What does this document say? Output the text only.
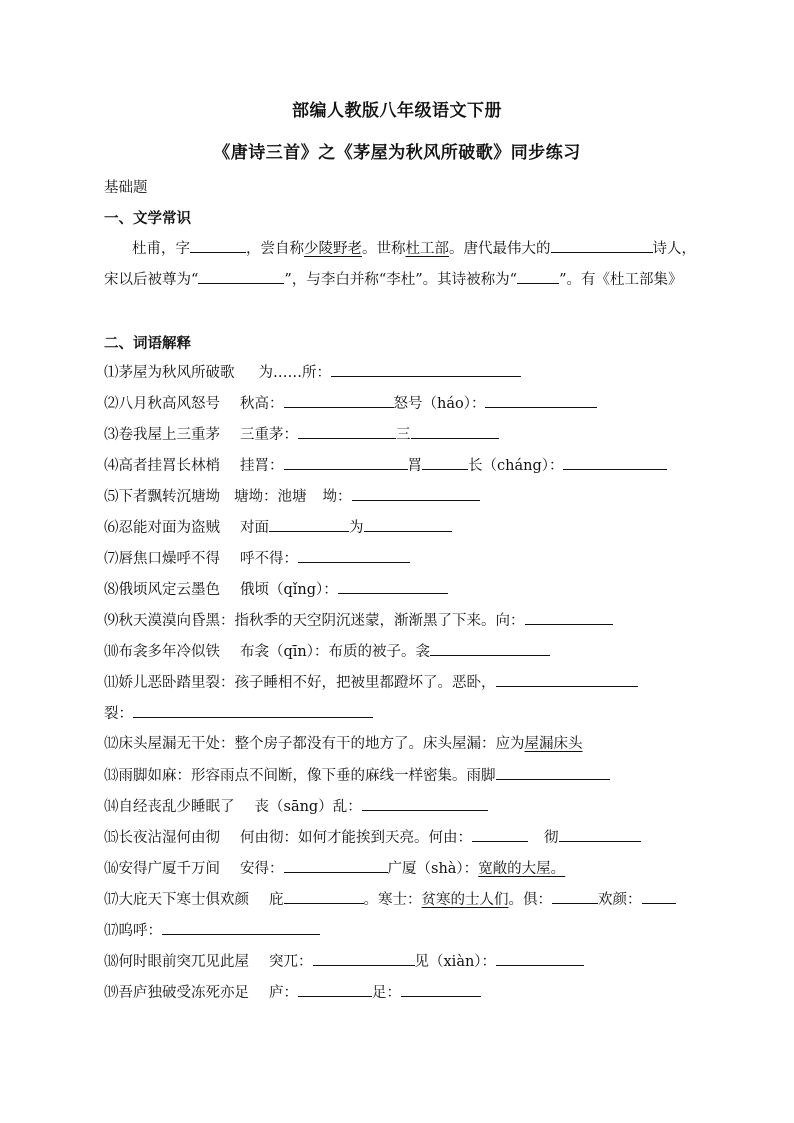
部编人教版八年级语文下册
《唐诗三首》之《茅屋为秋风所破歌》同步练习
基础题
一、文学常识
杜甫，字	，尝自称少陵野老。世称杜工部。唐代最伟大的	诗人，
宋以后被尊为“	”，与李白并称“李杜”。其诗被称为“	”。有《杜工部集》
二、词语解释
⑴茅屋为秋风所破歌 为……所：
⑵八月秋高风怒号 秋高：	怒号（háo）：
⑶卷我屋上三重茅 三重茅：	三
⑷高者挂罥长林梢 挂罥：	罥	长（cháng）：
⑸下者飘转沉塘坳 塘坳：池塘 坳：
⑹忍能对面为盗贼 对面	为
⑺唇焦口燥呼不得 呼不得：
⑻俄顷风定云墨色 俄顷（qǐng）：
⑼秋天漠漠向昏黑：指秋季的天空阴沉迷蒙，渐渐黑了下来。向：
⑽布衾多年冷似铁 布衾（qīn）：布质的被子。衾
⑾娇儿恶卧踏里裂：孩子睡相不好，把被里都蹬坏了。恶卧，
裂：
⑿床头屋漏无干处：整个房子都没有干的地方了。床头屋漏：应为屋漏床头
⒀雨脚如麻：形容雨点不间断，像下垂的麻线一样密集。雨脚
⒁自经丧乱少睡眠了 丧（sāng）乱：
⒂长夜沾湿何由彻 何由彻：如何才能挨到天亮。何由：	彻
⒃安得广厦千万间 安得：	广厦（shà）：宽敞的大屋。
⒄大庇天下寒士俱欢颜 庇	。寒士：贫寒的士人们。俱：	欢颜：
⒄呜呼：
⒅何时眼前突兀见此屋 突兀：	见（xiàn）：
⒆吾庐独破受冻死亦足 庐：	足：
